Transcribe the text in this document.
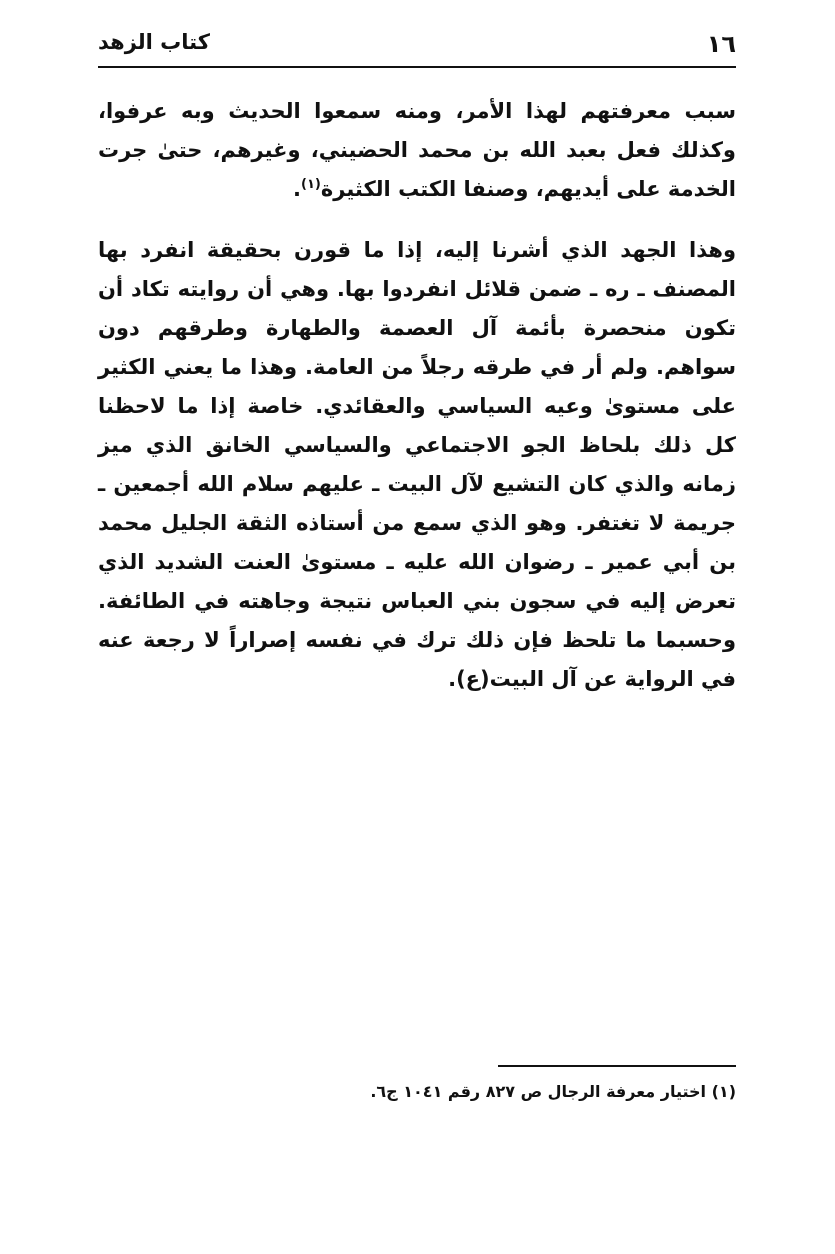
١٦
كتاب الزهد

سبب معرفتهم لهذا الأمر، ومنه سمعوا الحديث وبه عرفوا، وكذلك فعل بعبد الله بن محمد الحضيني، وغيرهم، حتىٰ جرت الخدمة على أيديهم، وصنفا الكتب الكثيرة$^{(١)}$.

وهذا الجهد الذي أشرنا إليه، إذا ما قورن بحقيقة انفرد بها المصنف ـ ره ـ ضمن قلائل انفردوا بها. وهي أن روايته تكاد أن تكون منحصرة بأئمة آل العصمة والطهارة وطرقهم دون سواهم. ولم أر في طرقه رجلاً من العامة. وهذا ما يعني الكثير على مستوىٰ وعيه السياسي والعقائدي. خاصة إذا ما لاحظنا كل ذلك بلحاظ الجو الاجتماعي والسياسي الخانق الذي ميز زمانه والذي كان التشيع لآل البيت ـ عليهم سلام الله أجمعين ـ جريمة لا تغتفر. وهو الذي سمع من أستاذه الثقة الجليل محمد بن أبي عمير ـ رضوان الله عليه ـ مستوىٰ العنت الشديد الذي تعرض إليه في سجون بني العباس نتيجة وجاهته في الطائفة. وحسبما ما تلحظ فإن ذلك ترك في نفسه إصراراً لا رجعة عنه في الرواية عن آل البيت(ع).

(١) اختيار معرفة الرجال ص ٨٢٧ رقم ١٠٤١ ج٦.
